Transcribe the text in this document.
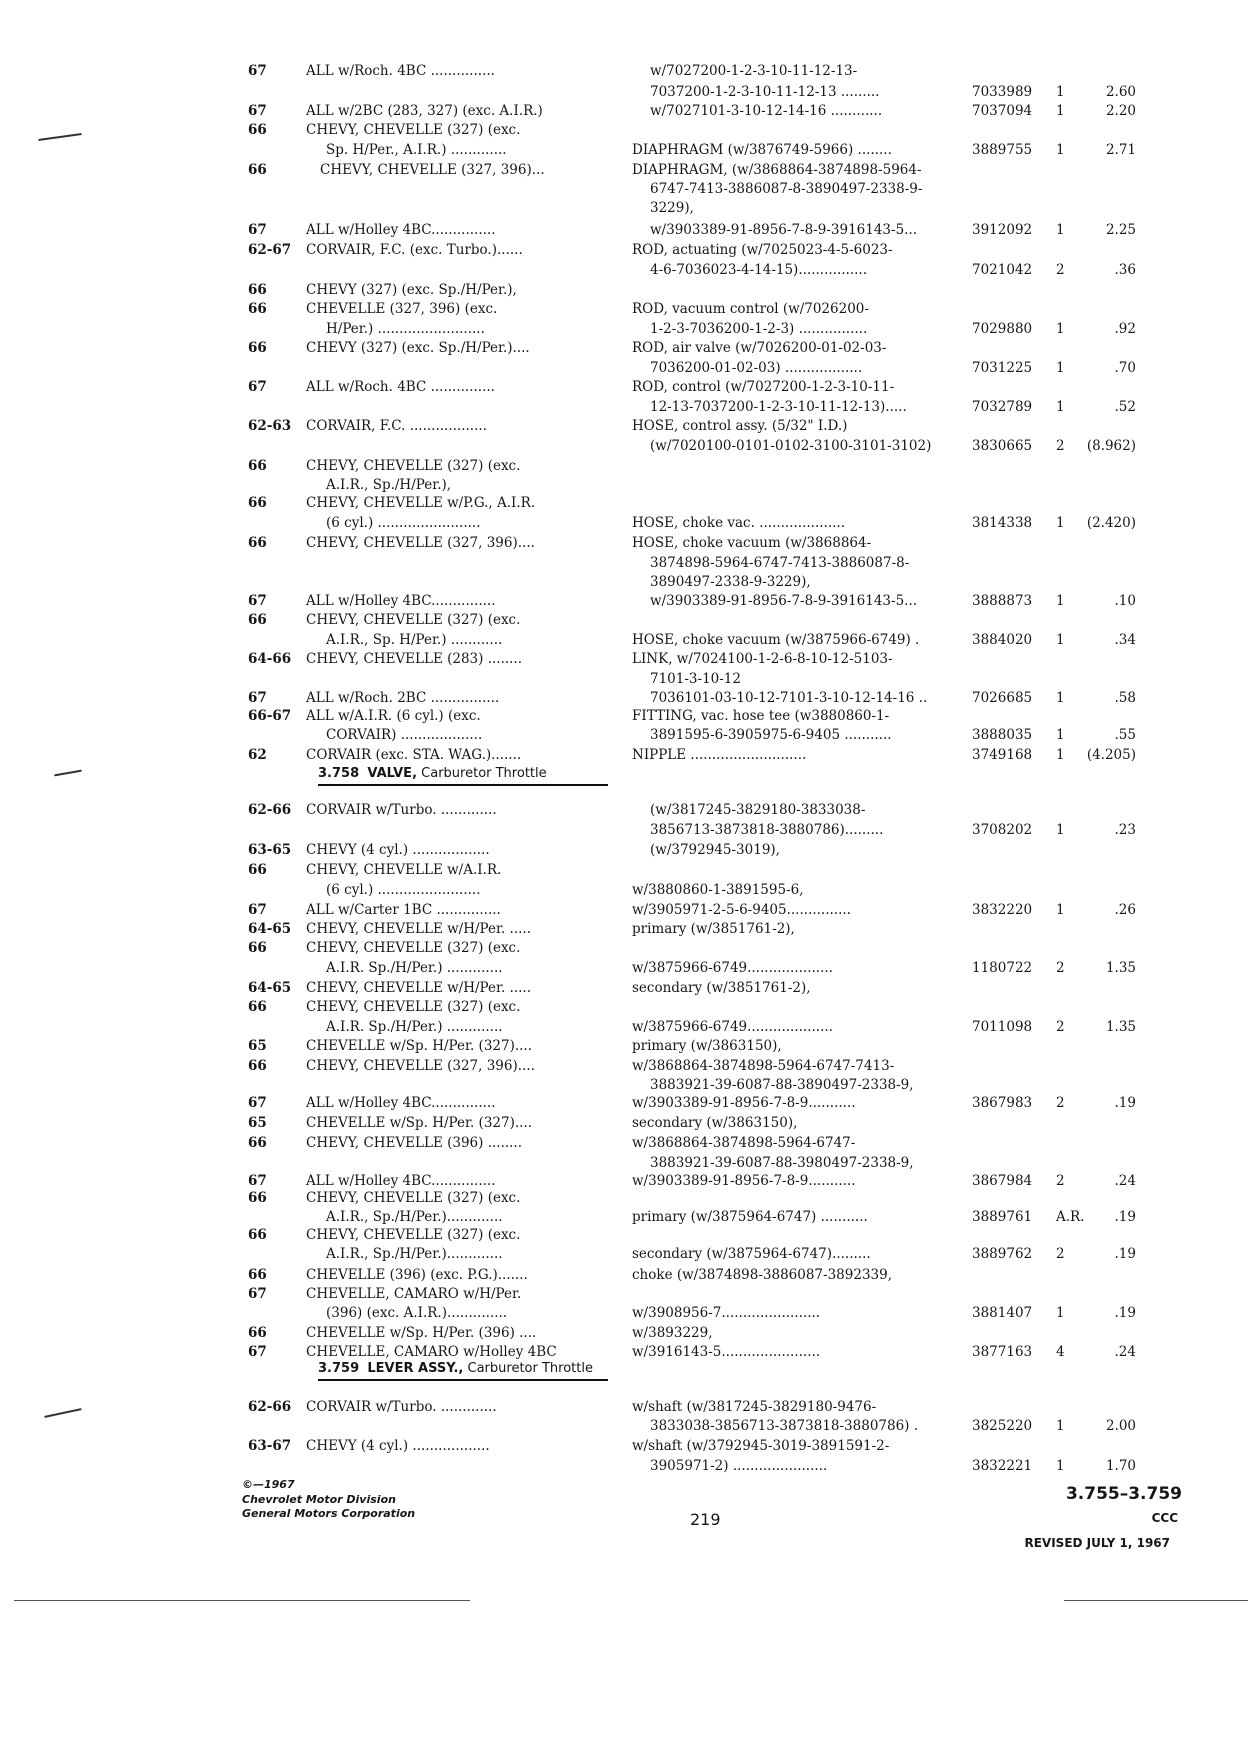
3.758 VALVE, Carburetor Throttle
3.759 LEVER ASSY., Carburetor Throttle
©—1967
Chevrolet Motor Division
General Motors Corporation	219
3.755–3.759
CCC
REVISED JULY 1, 1967
67	ALL w/Roch. 4BC ...............	w/7027200-1-2-3-10-11-12-13-
7037200-1-2-3-10-11-12-13 .........	7033989 1	2.60
67	ALL w/2BC (283, 327) (exc. A.I.R.)	w/7027101-3-10-12-14-16 ............	7037094 1	2.20
66	CHEVY, CHEVELLE (327) (exc.
Sp. H/Per., A.I.R.) .............	DIAPHRAGM (w/3876749-5966) ........	3889755 1	2.71
66	CHEVY, CHEVELLE (327, 396)...	DIAPHRAGM, (w/3868864-3874898-5964-
6747-7413-3886087-8-3890497-2338-9-
3229),
67	ALL w/Holley 4BC...............	w/3903389-91-8956-7-8-9-3916143-5...	3912092 1	2.25
62-67 CORVAIR, F.C. (exc. Turbo.)......	ROD, actuating (w/7025023-4-5-6023-
4-6-7036023-4-14-15)................	7021042 2	.36
66	CHEVY (327) (exc. Sp./H/Per.),
66	CHEVELLE (327, 396) (exc.	ROD, vacuum control (w/7026200-
H/Per.) .........................	1-2-3-7036200-1-2-3) ................	7029880 1	.92
66	CHEVY (327) (exc. Sp./H/Per.)....	ROD, air valve (w/7026200-01-02-03-
7036200-01-02-03) ..................	7031225 1	.70
67	ALL w/Roch. 4BC ...............	ROD, control (w/7027200-1-2-3-10-11-
12-13-7037200-1-2-3-10-11-12-13).....	7032789 1	.52
62-63 CORVAIR, F.C. ..................	HOSE, control assy. (5/32" I.D.)
(w/7020100-0101-0102-3100-3101-3102)	3830665 2 (8.962)
66	CHEVY, CHEVELLE (327) (exc.
A.I.R., Sp./H/Per.),
66	CHEVY, CHEVELLE w/P.G., A.I.R.
(6 cyl.) ........................	HOSE, choke vac. ....................	3814338 1 (2.420)
66	CHEVY, CHEVELLE (327, 396)....	HOSE, choke vacuum (w/3868864-
3874898-5964-6747-7413-3886087-8-
3890497-2338-9-3229),
67	ALL w/Holley 4BC...............	w/3903389-91-8956-7-8-9-3916143-5...	3888873 1	.10
66	CHEVY, CHEVELLE (327) (exc.
A.I.R., Sp. H/Per.) ............	HOSE, choke vacuum (w/3875966-6749) .	3884020 1	.34
64-66 CHEVY, CHEVELLE (283) ........	LINK, w/7024100-1-2-6-8-10-12-5103-
7101-3-10-12
67	ALL w/Roch. 2BC ................	7036101-03-10-12-7101-3-10-12-14-16 ..	7026685 1	.58
66-67 ALL w/A.I.R. (6 cyl.) (exc.	FITTING, vac. hose tee (w3880860-1-
CORVAIR) ...................	3891595-6-3905975-6-9405 ...........	3888035 1	.55
62	CORVAIR (exc. STA. WAG.).......	NIPPLE ...........................	3749168 1 (4.205)
62-66 CORVAIR w/Turbo. .............	(w/3817245-3829180-3833038-
3856713-3873818-3880786).........	3708202 1	.23
63-65 CHEVY (4 cyl.) ..................	(w/3792945-3019),
66	CHEVY, CHEVELLE w/A.I.R.
(6 cyl.) ........................	w/3880860-1-3891595-6,
67	ALL w/Carter 1BC ...............	w/3905971-2-5-6-9405...............	3832220 1	.26
64-65 CHEVY, CHEVELLE w/H/Per. .....	primary (w/3851761-2),
66	CHEVY, CHEVELLE (327) (exc.
A.I.R. Sp./H/Per.) .............	w/3875966-6749....................	1180722 2	1.35
64-65 CHEVY, CHEVELLE w/H/Per. .....	secondary (w/3851761-2),
66	CHEVY, CHEVELLE (327) (exc.
A.I.R. Sp./H/Per.) .............	w/3875966-6749....................	7011098 2	1.35
65	CHEVELLE w/Sp. H/Per. (327)....	primary (w/3863150),
66	CHEVY, CHEVELLE (327, 396)....	w/3868864-3874898-5964-6747-7413-
3883921-39-6087-88-3890497-2338-9,
67	ALL w/Holley 4BC...............	w/3903389-91-8956-7-8-9...........	3867983 2	.19
65	CHEVELLE w/Sp. H/Per. (327)....	secondary (w/3863150),
66	CHEVY, CHEVELLE (396) ........	w/3868864-3874898-5964-6747-
3883921-39-6087-88-3980497-2338-9,
67	ALL w/Holley 4BC...............	w/3903389-91-8956-7-8-9...........	3867984 2	.24
66	CHEVY, CHEVELLE (327) (exc.
A.I.R., Sp./H/Per.).............	primary (w/3875964-6747) ...........	3889761 A.R. .19
66	CHEVY, CHEVELLE (327) (exc.
A.I.R., Sp./H/Per.).............	secondary (w/3875964-6747).........	3889762 2	.19
66	CHEVELLE (396) (exc. P.G.).......	choke (w/3874898-3886087-3892339,
67	CHEVELLE, CAMARO w/H/Per.
(396) (exc. A.I.R.)..............	w/3908956-7.......................	3881407 1	.19
66	CHEVELLE w/Sp. H/Per. (396) ....	w/3893229,
67	CHEVELLE, CAMARO w/Holley 4BC	w/3916143-5.......................	3877163 4	.24
62-66 CORVAIR w/Turbo. .............	w/shaft (w/3817245-3829180-9476-
3833038-3856713-3873818-3880786) .	3825220 1	2.00
63-67 CHEVY (4 cyl.) ..................	w/shaft (w/3792945-3019-3891591-2-
3905971-2) ......................	3832221 1	1.70
